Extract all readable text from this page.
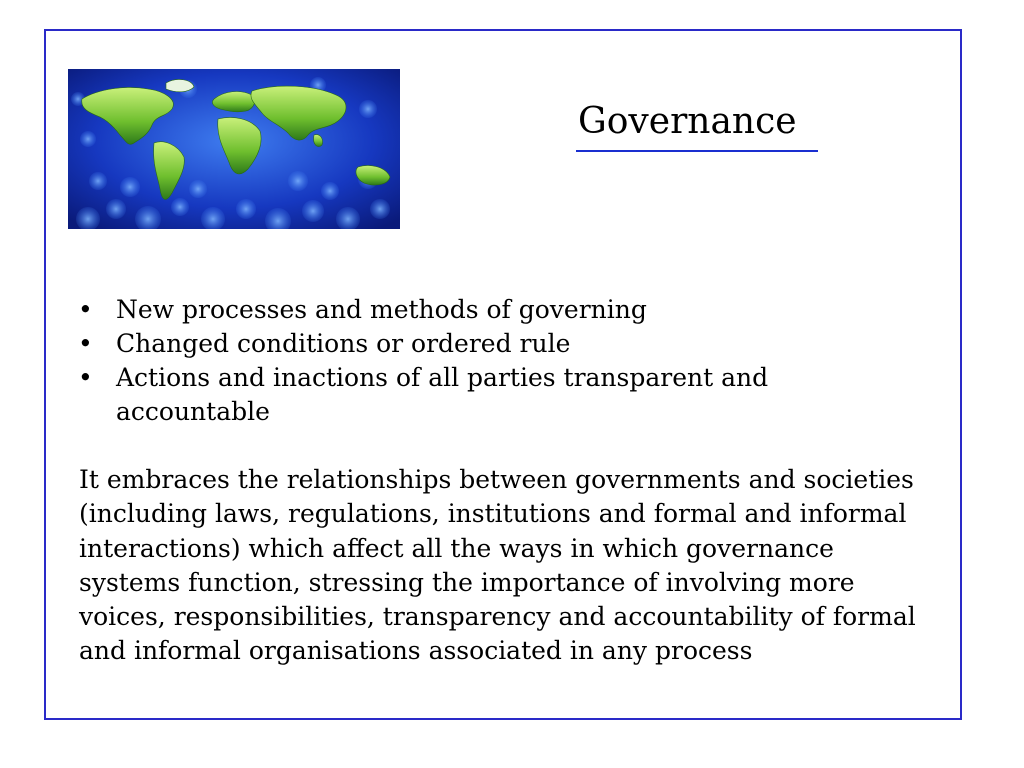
Governance
• New processes and methods of governing
• Changed conditions or ordered rule
• Actions and inactions of all parties transparent and accountable

It embraces the relationships between governments and societies (including laws, regulations, institutions and formal and informal interactions) which affect all the ways in which governance systems function, stressing the importance of involving more voices, responsibilities, transparency and accountability of formal and informal organisations associated in any process
